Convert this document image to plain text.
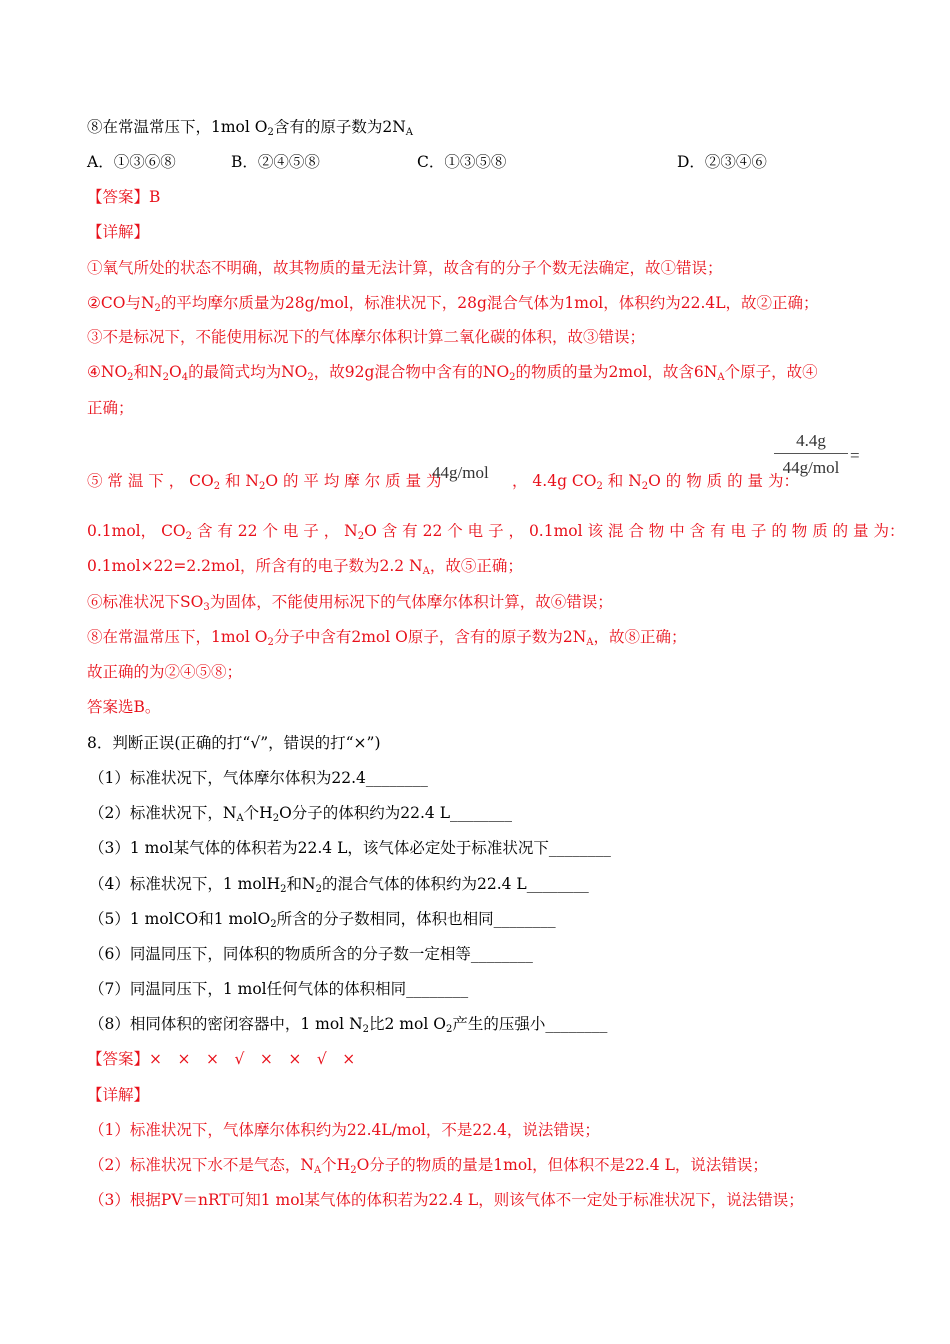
⑧在常温常压下，1mol $O_2$含有的原子数为$2N_A$
A．①③⑥⑧	B．②④⑤⑧	C．①③⑤⑧	D．②③④⑥
【答案】B
【详解】
①氧气所处的状态不明确，故其物质的量无法计算，故含有的分子个数无法确定，故①错误；
②CO与$N_2$的平均摩尔质量为28g/mol，标准状况下，28g混合气体为1mol，体积约为22.4L，故②正确；
③不是标况下，不能使用标况下的气体摩尔体积计算二氧化碳的体积，故③错误；
$④NO_2$和$N_2O_4$的最简式均为$NO_2$，故92g混合物中含有的$NO_2$的物质的量为2mol，故含$6N_A$个原子，故④
正确；
⑤ 常 温 下 ， $CO_2$ 和 $N_2O$ 的 平 均 摩 尔 质 量 为
44g/mol ， 4.4g $CO_2$ 和 $N_2O$ 的 物 质 的 量 为：
4.4g
44g/mol
=
0.1mol， $CO_2$ 含 有 22 个 电 子 ， $N_2O$ 含 有 22 个 电 子 ， 0.1mol 该 混 合 物 中 含 有 电 子 的 物 质 的 量 为：
0.1mol×22=2.2mol，所含有的电子数为2.2 $N_A$，故⑤正确；
⑥标准状况下$SO_3$为固体，不能使用标况下的气体摩尔体积计算，故⑥错误；
⑧在常温常压下，1mol $O_2$分子中含有2mol O原子，含有的原子数为$2N_A$，故⑧正确；
故正确的为②④⑤⑧；
答案选B。
8．判断正误(正确的打“√”，错误的打“×”)
（1）标准状况下，气体摩尔体积为22.4________
（2）标准状况下，$N_A$个$H_2O$分子的体积约为22.4 L________
（3）1 mol某气体的体积若为22.4 L，该气体必定处于标准状况下________
（4）标准状况下，1 molH$_2$和$N_2$的混合气体的体积约为22.4 L________
（5）1 molCO和1 molO$_2$所含的分子数相同，体积也相同________
（6）同温同压下，同体积的物质所含的分子数一定相等________
（7）同温同压下，1 mol任何气体的体积相同________
（8）相同体积的密闭容器中，1 mol $N_2$比2 mol $O_2$产生的压强小________
【答案】×　×　×　√　×　×　√　×
【详解】
（1）标准状况下，气体摩尔体积约为22.4L/mol，不是22.4，说法错误；
（2）标准状况下水不是气态，$N_A$个$H_2O$分子的物质的量是1mol，但体积不是22.4 L，说法错误；
（3）根据PV＝nRT可知1 mol某气体的体积若为22.4 L，则该气体不一定处于标准状况下，说法错误；
